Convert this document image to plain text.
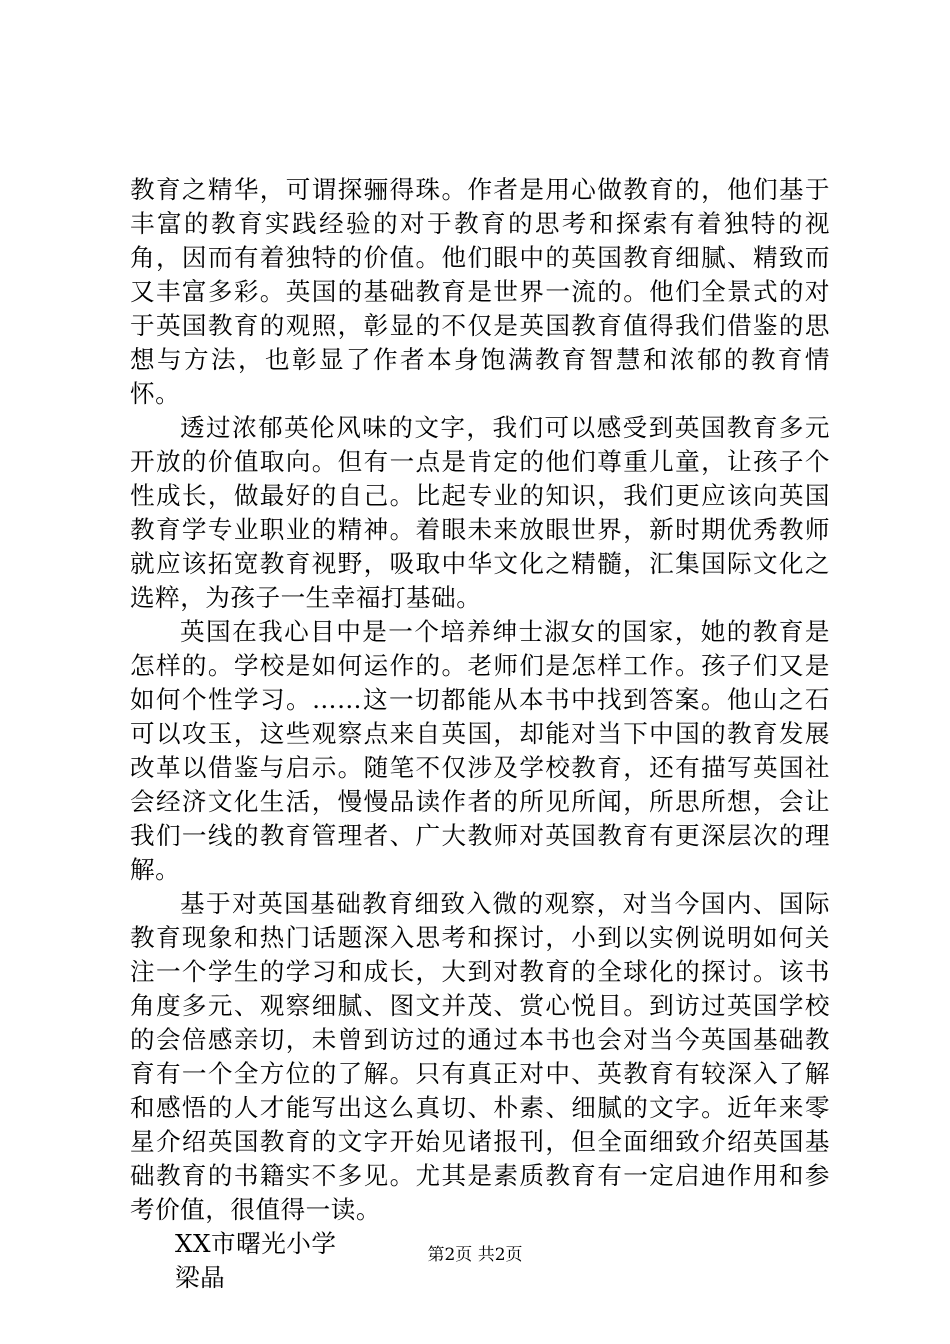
教育之精华，可谓探骊得珠。作者是用心做教育的，他们基于丰富的教育实践经验的对于教育的思考和探索有着独特的视角，因而有着独特的价值。他们眼中的英国教育细腻、精致而又丰富多彩。英国的基础教育是世界一流的。他们全景式的对于英国教育的观照，彰显的不仅是英国教育值得我们借鉴的思想与方法，也彰显了作者本身饱满教育智慧和浓郁的教育情怀。

透过浓郁英伦风味的文字，我们可以感受到英国教育多元开放的价值取向。但有一点是肯定的他们尊重儿童，让孩子个性成长，做最好的自己。比起专业的知识，我们更应该向英国教育学专业职业的精神。着眼未来放眼世界，新时期优秀教师就应该拓宽教育视野，吸取中华文化之精髓，汇集国际文化之选粹，为孩子一生幸福打基础。

英国在我心目中是一个培养绅士淑女的国家，她的教育是怎样的。学校是如何运作的。老师们是怎样工作。孩子们又是如何个性学习。……这一切都能从本书中找到答案。他山之石可以攻玉，这些观察点来自英国，却能对当下中国的教育发展改革以借鉴与启示。随笔不仅涉及学校教育，还有描写英国社会经济文化生活，慢慢品读作者的所见所闻，所思所想，会让我们一线的教育管理者、广大教师对英国教育有更深层次的理解。

基于对英国基础教育细致入微的观察，对当今国内、国际教育现象和热门话题深入思考和探讨，小到以实例说明如何关注一个学生的学习和成长，大到对教育的全球化的探讨。该书角度多元、观察细腻、图文并茂、赏心悦目。到访过英国学校的会倍感亲切，未曾到访过的通过本书也会对当今英国基础教育有一个全方位的了解。只有真正对中、英教育有较深入了解和感悟的人才能写出这么真切、朴素、细腻的文字。近年来零星介绍英国教育的文字开始见诸报刊，但全面细致介绍英国基础教育的书籍实不多见。尤其是素质教育有一定启迪作用和参考价值，很值得一读。

XX市曙光小学

梁晶

第2页 共2页
